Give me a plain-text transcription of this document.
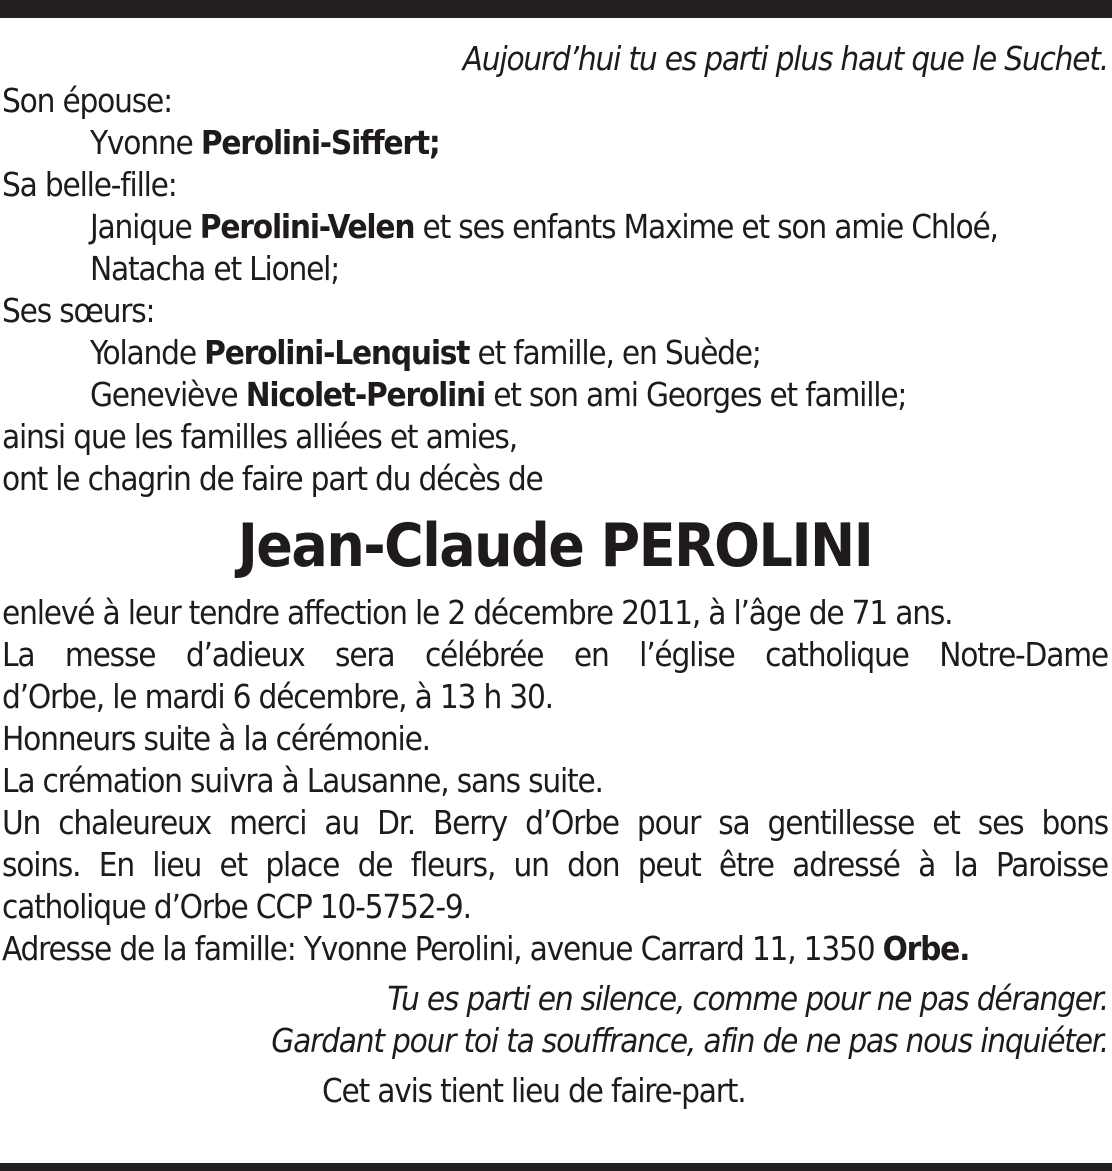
Aujourd’hui tu es parti plus haut que le Suchet.
Son épouse:
Yvonne Perolini-Siffert;
Sa belle-fille:
Janique Perolini-Velen et ses enfants Maxime et son amie Chloé,
Natacha et Lionel;
Ses sœurs:
Yolande Perolini-Lenquist et famille, en Suède;
Geneviève Nicolet-Perolini et son ami Georges et famille;
ainsi que les familles alliées et amies,
ont le chagrin de faire part du décès de
Jean-Claude PEROLINI
enlevé à leur tendre affection le 2 décembre 2011, à l’âge de 71 ans.
La messe d’adieux sera célébrée en l’église catholique Notre-Dame
d’Orbe, le mardi 6 décembre, à 13 h 30.
Honneurs suite à la cérémonie.
La crémation suivra à Lausanne, sans suite.
Un chaleureux merci au Dr. Berry d’Orbe pour sa gentillesse et ses bons
soins. En lieu et place de fleurs, un don peut être adressé à la Paroisse
catholique d’Orbe CCP 10-5752-9.
Adresse de la famille: Yvonne Perolini, avenue Carrard 11, 1350 Orbe.
Tu es parti en silence, comme pour ne pas déranger.
Gardant pour toi ta souffrance, afin de ne pas nous inquiéter.
Cet avis tient lieu de faire-part.
